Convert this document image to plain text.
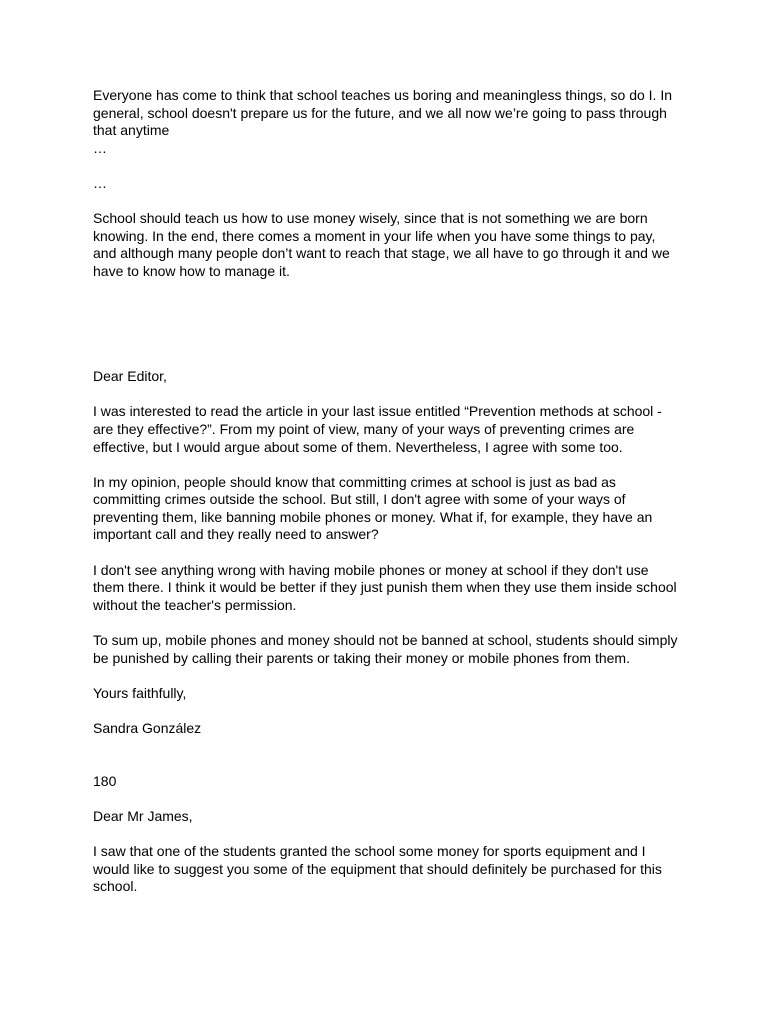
Everyone has come to think that school teaches us boring and meaningless things, so do I. In general, school doesn't prepare us for the future, and we all now we’re going to pass through that anytime

…

…

School should teach us how to use money wisely, since that is not something we are born knowing. In the end, there comes a moment in your life when you have some things to pay, and although many people don’t want to reach that stage, we all have to go through it and we have to know how to manage it.

Dear Editor,

I was interested to read the article in your last issue entitled “Prevention methods at school - are they effective?”. From my point of view, many of your ways of preventing crimes are effective, but I would argue about some of them. Nevertheless, I agree with some too.

In my opinion, people should know that committing crimes at school is just as bad as committing crimes outside the school. But still, I don't agree with some of your ways of preventing them, like banning mobile phones or money. What if, for example, they have an important call and they really need to answer?

I don't see anything wrong with having mobile phones or money at school if they don't use them there. I think it would be better if they just punish them when they use them inside school without the teacher's permission.

To sum up, mobile phones and money should not be banned at school, students should simply be punished by calling their parents or taking their money or mobile phones from them.

Yours faithfully,

Sandra González

180

Dear Mr James,

I saw that one of the students granted the school some money for sports equipment and I would like to suggest you some of the equipment that should definitely be purchased for this school.
